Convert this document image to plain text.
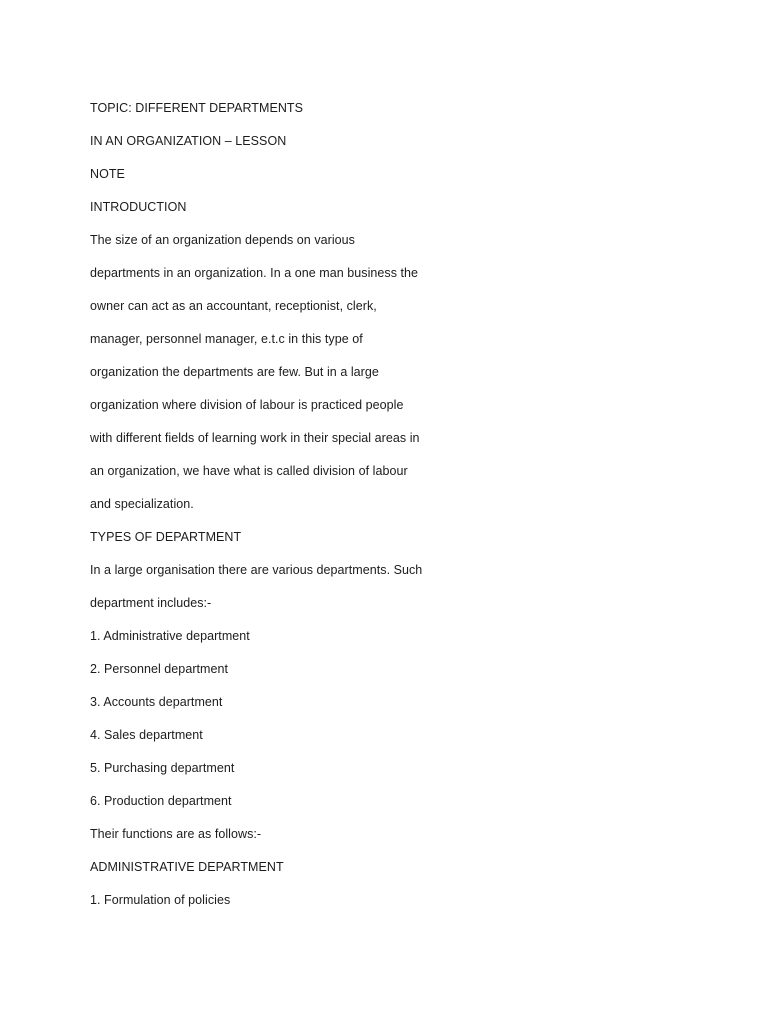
TOPIC: DIFFERENT DEPARTMENTS
IN AN ORGANIZATION – LESSON
NOTE
INTRODUCTION
The size of an organization depends on various
departments in an organization. In a one man business the
owner can act as an accountant, receptionist, clerk,
manager, personnel manager, e.t.c in this type of
organization the departments are few. But in a large
organization where division of labour is practiced people
with different fields of learning work in their special areas in
an organization, we have what is called division of labour
and specialization.
TYPES OF DEPARTMENT
In a large organisation there are various departments. Such
department includes:-
1. Administrative department
2. Personnel department
3. Accounts department
4. Sales department
5. Purchasing department
6. Production department
Their functions are as follows:-
ADMINISTRATIVE DEPARTMENT
1. Formulation of policies
